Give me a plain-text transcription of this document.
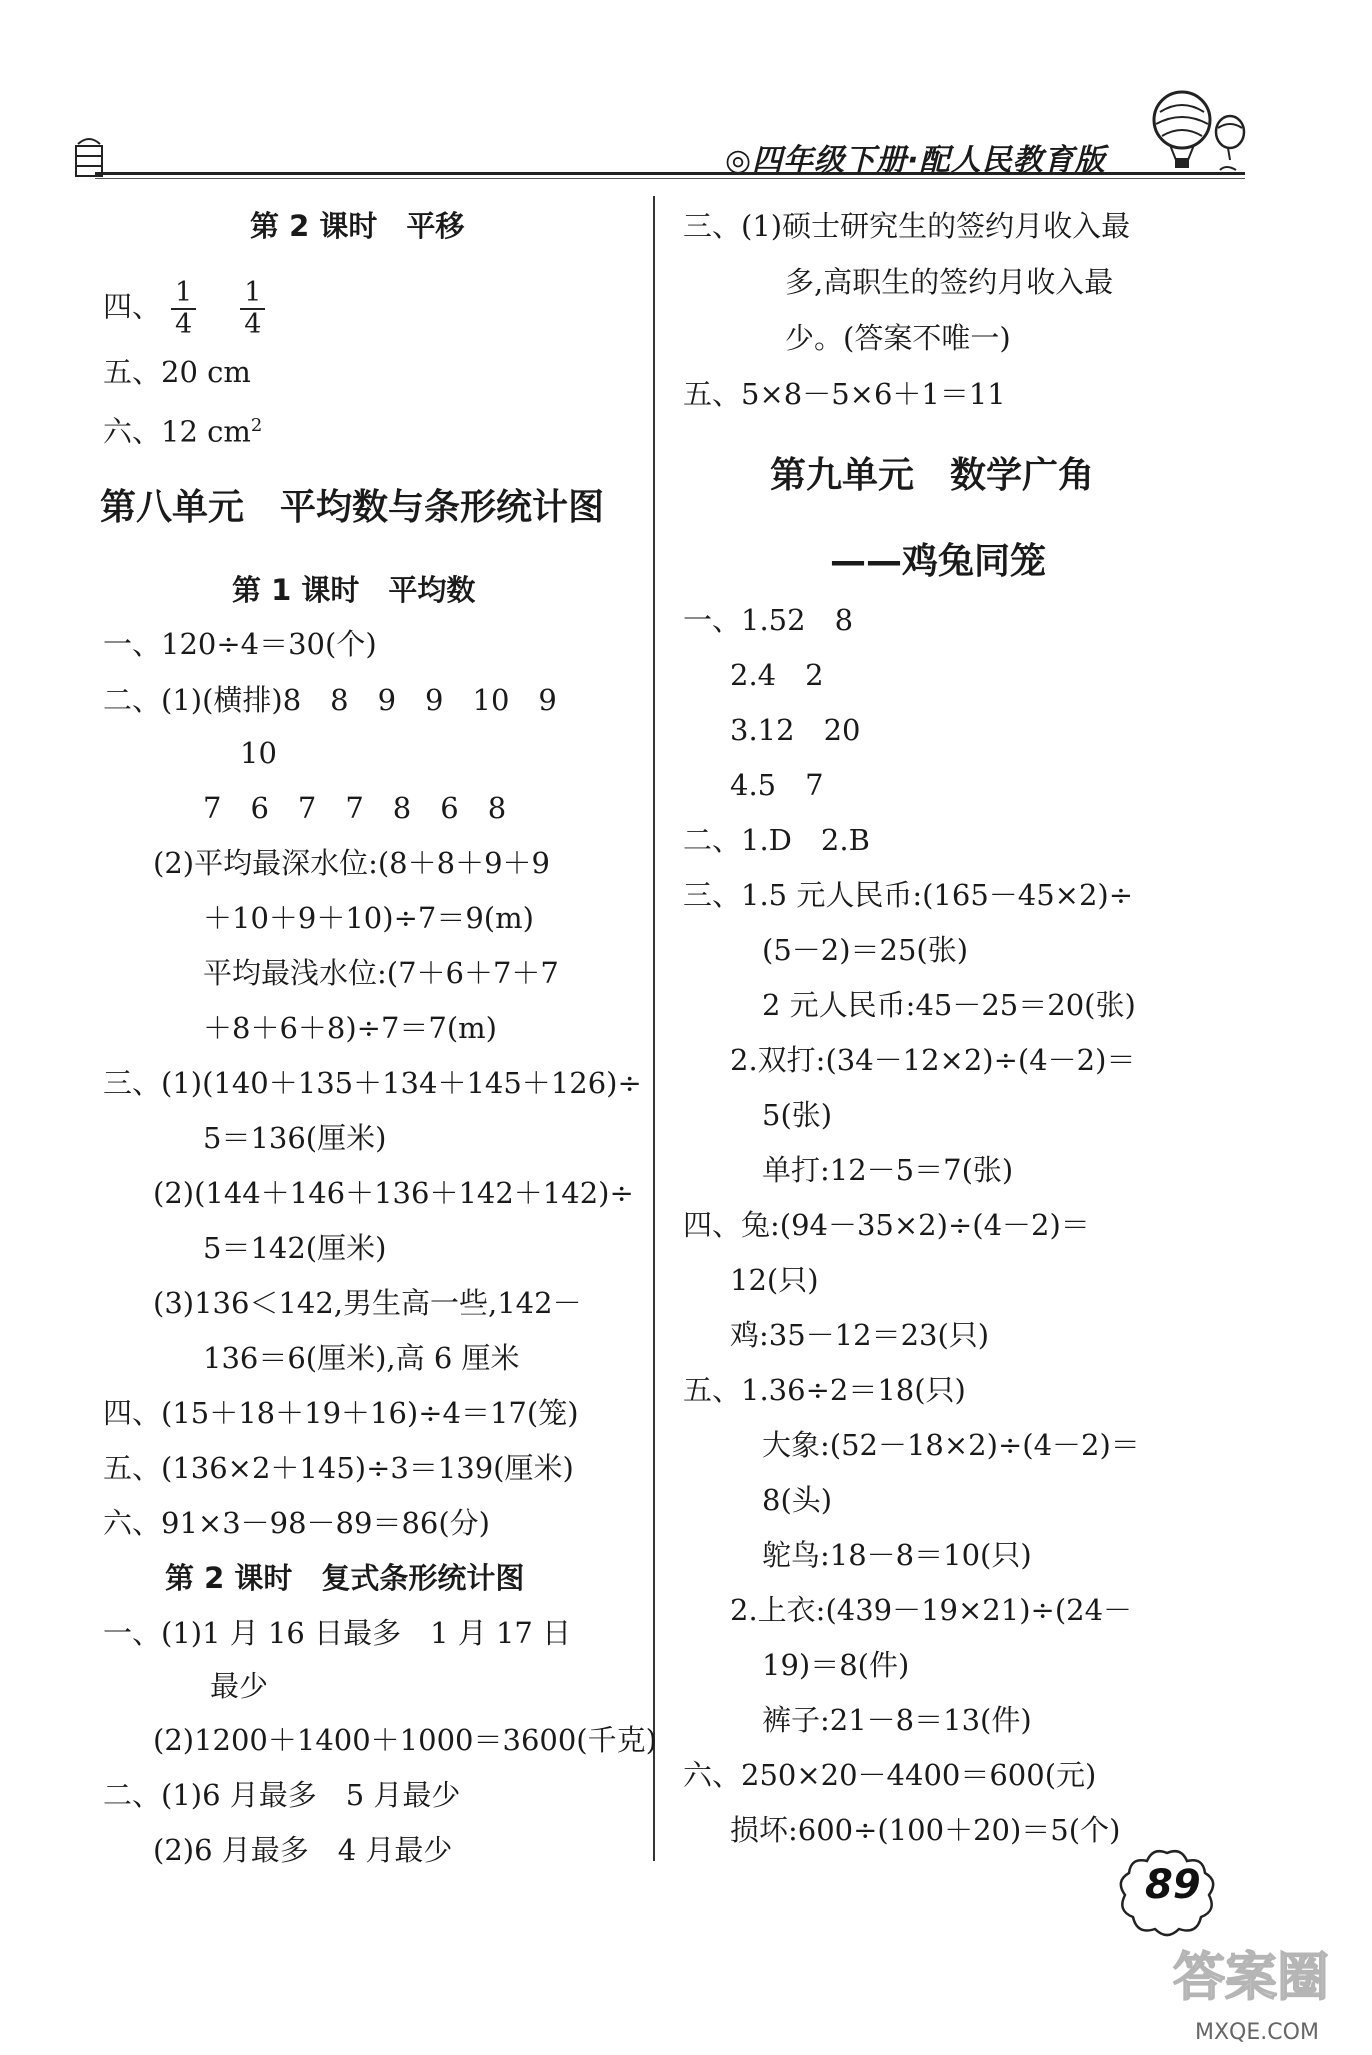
◎四年级下册·配人民教育版
第 2 课时　平移
四、 $\frac{1}{4} \frac{1}{4}$
五、20 cm
六、12 $cm^2$
第八单元　平均数与条形统计图
第 1 课时　平均数
一、120÷4＝30(个)
二、(1)(横排)8　8　9　9　10　9
10
7　6　7　7　8　6　8
(2)平均最深水位:(8＋8＋9＋9
＋10＋9＋10)÷7＝9(m)
平均最浅水位:(7＋6＋7＋7
＋8＋6＋8)÷7＝7(m)
三、(1)(140＋135＋134＋145＋126)÷
5＝136(厘米)
(2)(144＋146＋136＋142＋142)÷
5＝142(厘米)
(3)136＜142,男生高一些,142－
136＝6(厘米),高 6 厘米
四、(15＋18＋19＋16)÷4＝17(笼)
五、(136×2＋145)÷3＝139(厘米)
六、91×3－98－89＝86(分)
第 2 课时　复式条形统计图
一、(1)1 月 16 日最多　1 月 17 日
最少
(2)1200＋1400＋1000＝3600(千克)
二、(1)6 月最多　5 月最少
(2)6 月最多　4 月最少
三、(1)硕士研究生的签约月收入最
多,高职生的签约月收入最
少。(答案不唯一)
五、5×8－5×6＋1＝11
第九单元　数学广角
——鸡兔同笼
一、1.52　8
2.4　2
3.12　20
4.5　7
二、1.D　2.B
三、1.5 元人民币:(165－45×2)÷
(5－2)＝25(张)
2 元人民币:45－25＝20(张)
2.双打:(34－12×2)÷(4－2)＝
5(张)
单打:12－5＝7(张)
四、兔:(94－35×2)÷(4－2)＝
12(只)
鸡:35－12＝23(只)
五、1.36÷2＝18(只)
大象:(52－18×2)÷(4－2)＝
8(头)
鸵鸟:18－8＝10(只)
2.上衣:(439－19×21)÷(24－
19)＝8(件)
裤子:21－8＝13(件)
六、250×20－4400＝600(元)
损坏:600÷(100＋20)＝5(个)
89
答案圈
MXQE.COM
